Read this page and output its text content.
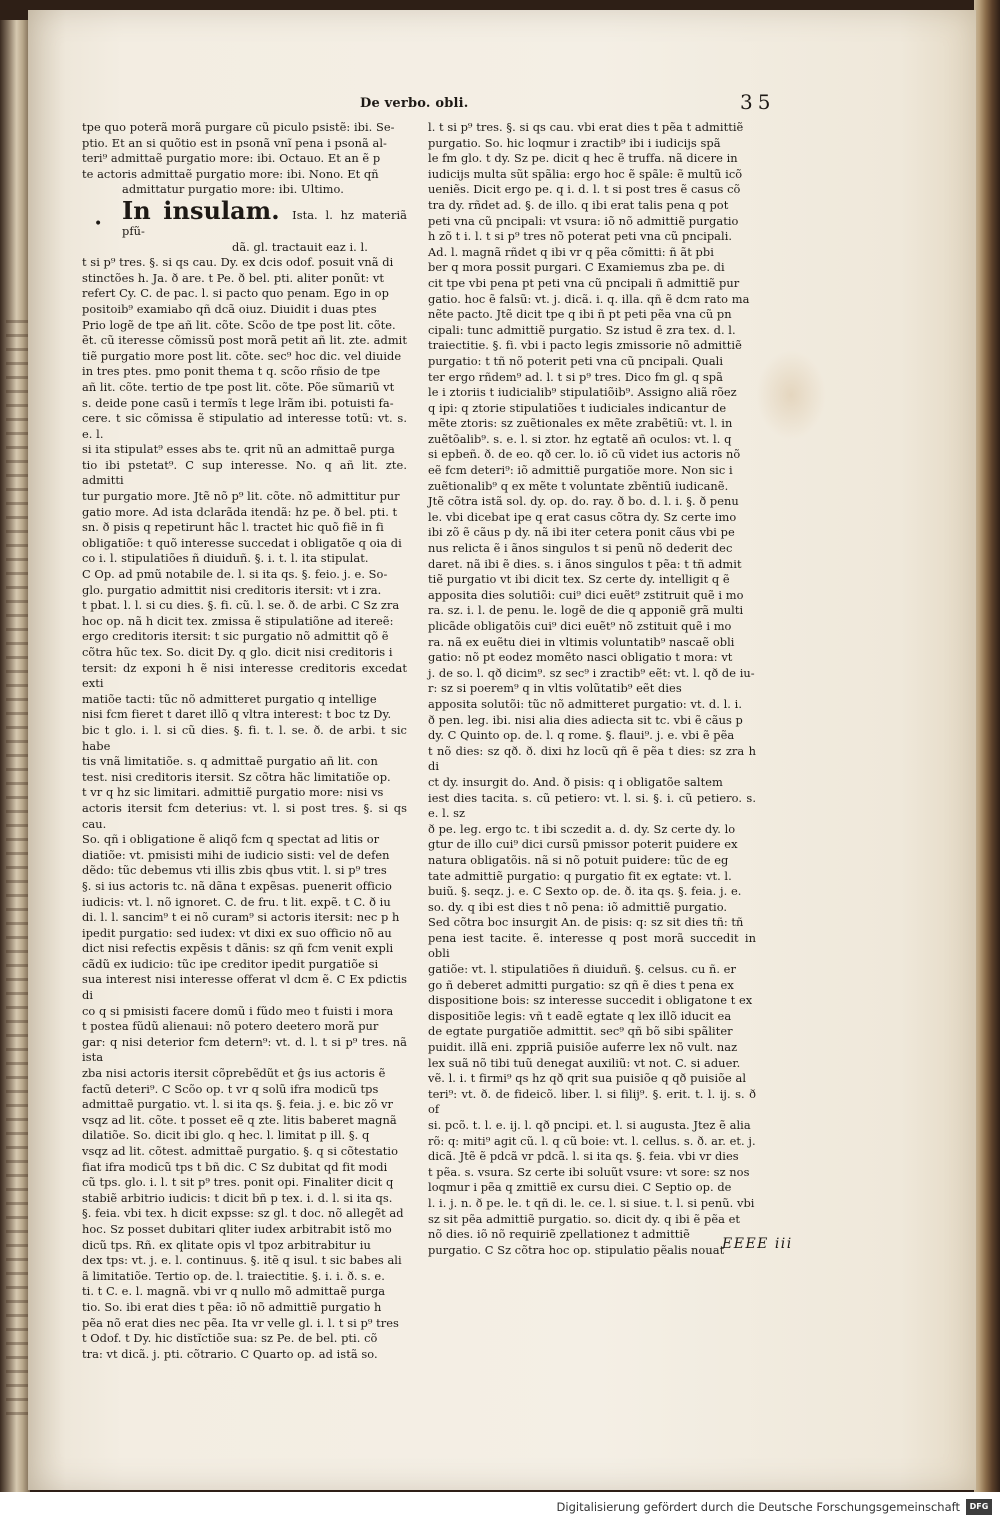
De verbo. obli.	35

tpe quo poterã morã purgare cũ piculo psistẽ: ibi. Se-

ptio. Et an si quõtio est in psonã vnĩ pena i psonã al-

teri⁹ admittaẽ purgatio more: ibi. Octauo. Et an ẽ p

te actoris admittaẽ purgatio more: ibi. Nono. Et qñ

admittatur purgatio more: ibi. Ultimo.

In insulam. Ista. l. hz materiã pfũ-

dã. gl. tractauit eaz i. l.

t si p⁹ tres. §. si qs cau. Dy. ex dcis odof. posuit vnã di

stinctões h. Ja. ð are. t Pe. ð bel. pti. aliter ponũt: vt

refert Cy. C. de pac. l. si pacto quo penam. Ego in op

positoib⁹ examiabo qñ dcã oiuz. Diuidit i duas ptes

Prio logẽ de tpe añ lit. cõte. Scõo de tpe post lit. cõte.

ẽt. cũ iteresse cõmissũ post morã petit añ lit. zte. admit

tiẽ purgatio more post lit. cõte. sec⁹ hoc dic. vel diuide

in tres ptes. pmo ponit thema t q. scõo rñsio de tpe

añ lit. cõte. tertio de tpe post lit. cõte. Põe sũmariũ vt

s. deide pone casũ i termĩs t lege lrãm ibi. potuisti fa-

cere. t sic cõmissa ẽ stipulatio ad interesse totũ: vt. s. e. l.

si ita stipulat⁹ esses abs te. qrit nũ an admittaẽ purga

tio ibi pstetat⁹. C sup interesse. No. q añ lit. zte. admitti

tur purgatio more. Jtẽ nõ p⁹ lit. cõte. nõ admittitur pur

gatio more. Ad ista dclarãda itendã: hz pe. ð bel. pti. t

sn. ð pisis q repetirunt hãc l. tractet hic quõ fiẽ in fi

obligatiõe: t quõ interesse succedat i obligatõe q oia di

co i. l. stipulatiões ñ diuiduñ. §. i. t. l. ita stipulat.

C Op. ad pmũ notabile de. l. si ita qs. §. feio. j. e. So-

glo. purgatio admittit nisi creditoris itersit: vt i zra.

t pbat. l. l. si cu dies. §. fi. cũ. l. se. ð. de arbi. C Sz zra

hoc op. nã h dicit tex. zmissa ẽ stipulatiõne ad itereẽ:

ergo creditoris itersit: t sic purgatio nõ admittit qõ ẽ

cõtra hũc tex. So. dicit Dy. q glo. dicit nisi creditoris i

tersit: dz exponi h ẽ nisi interesse creditoris excedat exti

matiõe tacti: tũc nõ admitteret purgatio q intellige

nisi fcm fieret t daret illõ q vltra interest: t boc tz Dy.

bic t glo. i. l. si cũ dies. §. fi. t. l. se. ð. de arbi. t sic habe

tis vnã limitatiõe. s. q admittaẽ purgatio añ lit. con

test. nisi creditoris itersit. Sz cõtra hãc limitatiõe op.

t vr q hz sic limitari. admittiẽ purgatio more: nisi vs

actoris itersit fcm deterius: vt. l. si post tres. §. si qs cau.

So. qñ i obligatione ẽ aliqõ fcm q spectat ad litis or

diatiõe: vt. pmisisti mihi de iudicio sisti: vel de defen

dẽdo: tũc debemus vti illis zbis qbus vtit. l. si p⁹ tres

§. si ius actoris tc. nã dãna t expẽsas. puenerit officio

iudicis: vt. l. nõ ignoret. C. de fru. t lit. expẽ. t C. ð iu

di. l. l. sancim⁹ t ei nõ curam⁹ si actoris itersit: nec p h

ipedit purgatio: sed iudex: vt dixi ex suo officio nõ au

dict nisi refectis expẽsis t dãnis: sz qñ fcm venit expli

cãdũ ex iudicio: tũc ipe creditor ipedit purgatiõe si

sua interest nisi interesse offerat vl dcm ẽ. C Ex pdictis di

co q si pmisisti facere domũ i fũdo meo t fuisti i mora

t postea fũdũ alienaui: nõ potero deetero morã pur

gar: q nisi deterior fcm detern⁹: vt. d. l. t si p⁹ tres. nã ista

zba nisi actoris itersit cõprebẽdũt et ĝs ius actoris ẽ

factũ deteri⁹. C Scõo op. t vr q solũ ifra modicũ tps

admittaẽ purgatio. vt. l. si ita qs. §. feia. j. e. bic zõ vr

vsqz ad lit. cõte. t posset eẽ q zte. litis baberet magnã

dilatiõe. So. dicit ibi glo. q hec. l. limitat p ill. §. q

vsqz ad lit. cõtest. admittaẽ purgatio. §. q si cõtestatio

fiat ifra modicũ tps t bñ dic. C Sz dubitat qd fit modi

cũ tps. glo. i. l. t sit p⁹ tres. ponit opi. Finaliter dicit q

stabiẽ arbitrio iudicis: t dicit bñ p tex. i. d. l. si ita qs.

§. feia. vbi tex. h dicit expsse: sz gl. t doc. nõ allegẽt ad

hoc. Sz posset dubitari qliter iudex arbitrabit istõ mo

dicũ tps. Rñ. ex qlitate opis vl tpoz arbitrabitur iu

dex tps: vt. j. e. l. continuus. §. itẽ q isul. t sic babes ali

ã limitatiõe. Tertio op. de. l. traiectitie. §. i. i. ð. s. e.

ti. t C. e. l. magnã. vbi vr q nullo mõ admittaẽ purga

tio. So. ibi erat dies t pẽa: iõ nõ admittiẽ purgatio h

pẽa nõ erat dies nec pẽa. Ita vr velle gl. i. l. t si p⁹ tres

t Odof. t Dy. hic distĩctiõe sua: sz Pe. de bel. pti. cõ

tra: vt dicã. j. pti. cõtrario. C Quarto op. ad istã so.

•

l. t si p⁹ tres. §. si qs cau. vbi erat dies t pẽa t admittiẽ

purgatio. So. hic loqmur i zractib⁹ ibi i iudicijs spã

le fm glo. t dy. Sz pe. dicit q hec ẽ truffa. nã dicere in

iudicijs multa sũt spãlia: ergo hoc ẽ spãle: ẽ multũ icõ

ueniẽs. Dicit ergo pe. q i. d. l. t si post tres ẽ casus cõ

tra dy. rñdet ad. §. de illo. q ibi erat talis pena q pot

peti vna cũ pncipali: vt vsura: iõ nõ admittiẽ purgatio

h zõ t i. l. t si p⁹ tres nõ poterat peti vna cũ pncipali.

Ad. l. magnã rñdet q ibi vr q pẽa cõmitti: ñ ãt pbi

ber q mora possit purgari. C Examiemus zba pe. di

cit tpe vbi pena pt peti vna cũ pncipali ñ admittiẽ pur

gatio. hoc ẽ falsũ: vt. j. dicã. i. q. illa. qñ ẽ dcm rato ma

nẽte pacto. Jtẽ dicit tpe q ibi ñ pt peti pẽa vna cũ pn

cipali: tunc admittiẽ purgatio. Sz istud ẽ zra tex. d. l.

traiectitie. §. fi. vbi i pacto legis zmissorie nõ admittiẽ

purgatio: t tñ nõ poterit peti vna cũ pncipali. Quali

ter ergo rñdem⁹ ad. l. t si p⁹ tres. Dico fm gl. q spã

le i ztoriis t iudicialib⁹ stipulatiõib⁹. Assigno aliã rõez

q ipi: q ztorie stipulatiões t iudiciales indicantur de

mẽte ztoris: sz zuẽtionales ex mẽte zrabẽtiũ: vt. l. in

zuẽtõalib⁹. s. e. l. si ztor. hz egtatẽ añ oculos: vt. l. q

si epbeñ. ð. de eo. qð cer. lo. iõ cũ videt ius actoris nõ

eẽ fcm deteri⁹: iõ admittiẽ purgatiõe more. Non sic i

zuẽtionalib⁹ q ex mẽte t voluntate zbẽntiũ iudicanẽ.

Jtẽ cõtra istã sol. dy. op. do. ray. ð bo. d. l. i. §. ð penu

le. vbi dicebat ipe q erat casus cõtra dy. Sz certe imo

ibi zõ ẽ cãus p dy. nã ibi iter cetera ponit cãus vbi pe

nus relicta ẽ i ãnos singulos t si penũ nõ dederit dec

daret. nã ibi ẽ dies. s. i ãnos singulos t pẽa: t tñ admit

tiẽ purgatio vt ibi dicit tex. Sz certe dy. intelligit q ẽ

apposita dies solutiõi: cui⁹ dici euẽt⁹ zstitruit quẽ i mo

ra. sz. i. l. de penu. le. logẽ de die q apponiẽ grã multi

plicãde obligatõis cui⁹ dici euẽt⁹ nõ zstituit quẽ i mo

ra. nã ex euẽtu diei in vltimis voluntatib⁹ nascaẽ obli

gatio: nõ pt eodez momẽto nasci obligatio t mora: vt

j. de so. l. qð dicim⁹. sz sec⁹ i zractib⁹ eẽt: vt. l. qð de iu-

r: sz si poerem⁹ q in vltis volũtatib⁹ eẽt dies

apposita solutõi: tũc nõ admitteret purgatio: vt. d. l. i.

ð pen. leg. ibi. nisi alia dies adiecta sit tc. vbi ẽ cãus p

dy. C Quinto op. de. l. q rome. §. flaui⁹. j. e. vbi ẽ pẽa

t nõ dies: sz qð. ð. dixi hz locũ qñ ẽ pẽa t dies: sz zra h di

ct dy. insurgit do. And. ð pisis: q i obligatõe saltem

iest dies tacita. s. cũ petiero: vt. l. si. §. i. cũ petiero. s. e. l. sz

ð pe. leg. ergo tc. t ibi sczedit a. d. dy. Sz certe dy. lo

gtur de illo cui⁹ dici cursũ pmissor poterit puidere ex

natura obligatõis. nã si nõ potuit puidere: tũc de eg

tate admittiẽ purgatio: q purgatio fit ex egtate: vt. l.

buiũ. §. seqz. j. e. C Sexto op. de. ð. ita qs. §. feia. j. e.

so. dy. q ibi est dies t nõ pena: iõ admittiẽ purgatio.

Sed cõtra boc insurgit An. de pisis: q: sz sit dies tñ: tñ

pena iest tacite. ẽ. interesse q post morã succedit in obli

gatiõe: vt. l. stipulatiões ñ diuiduñ. §. celsus. cu ñ. er

go ñ deberet admitti purgatio: sz qñ ẽ dies t pena ex

dispositione bois: sz interesse succedit i obligatone t ex

dispositiõe legis: vñ t eadẽ egtate q lex illõ iducit ea

de egtate purgatiõe admittit. sec⁹ qñ bõ sibi spãliter

puidit. illã eni. zppriã puisiõe auferre lex nõ vult. naz

lex suã nõ tibi tuũ denegat auxiliũ: vt not. C. si aduer.

vẽ. l. i. t firmi⁹ qs hz qð qrit sua puisiõe q qð puisiõe al

teri⁹: vt. ð. de fideicõ. liber. l. si filij⁹. §. erit. t. l. ij. s. ð of

si. pcõ. t. l. e. ij. l. qð pncipi. et. l. si augusta. Jtez ẽ alia

rõ: q: miti⁹ agit cũ. l. q cũ boie: vt. l. cellus. s. ð. ar. et. j.

dicã. Jtẽ ẽ pdcã vr pdcã. l. si ita qs. §. feia. vbi vr dies

t pẽa. s. vsura. Sz certe ibi soluũt vsure: vt sore: sz nos

loqmur i pẽa q zmittiẽ ex cursu diei. C Septio op. de

l. i. j. n. ð pe. le. t qñ di. le. ce. l. si siue. t. l. si penũ. vbi

sz sit pẽa admittiẽ purgatio. so. dicit dy. q ibi ẽ pẽa et

nõ dies. iõ nõ requiriẽ zpellationez t admittiẽ

purgatio. C Sz cõtra hoc op. stipulatio pẽalis nouat

EEEE iii
Digitalisierung gefördert durch die Deutsche Forschungsgemeinschaft	DFG
